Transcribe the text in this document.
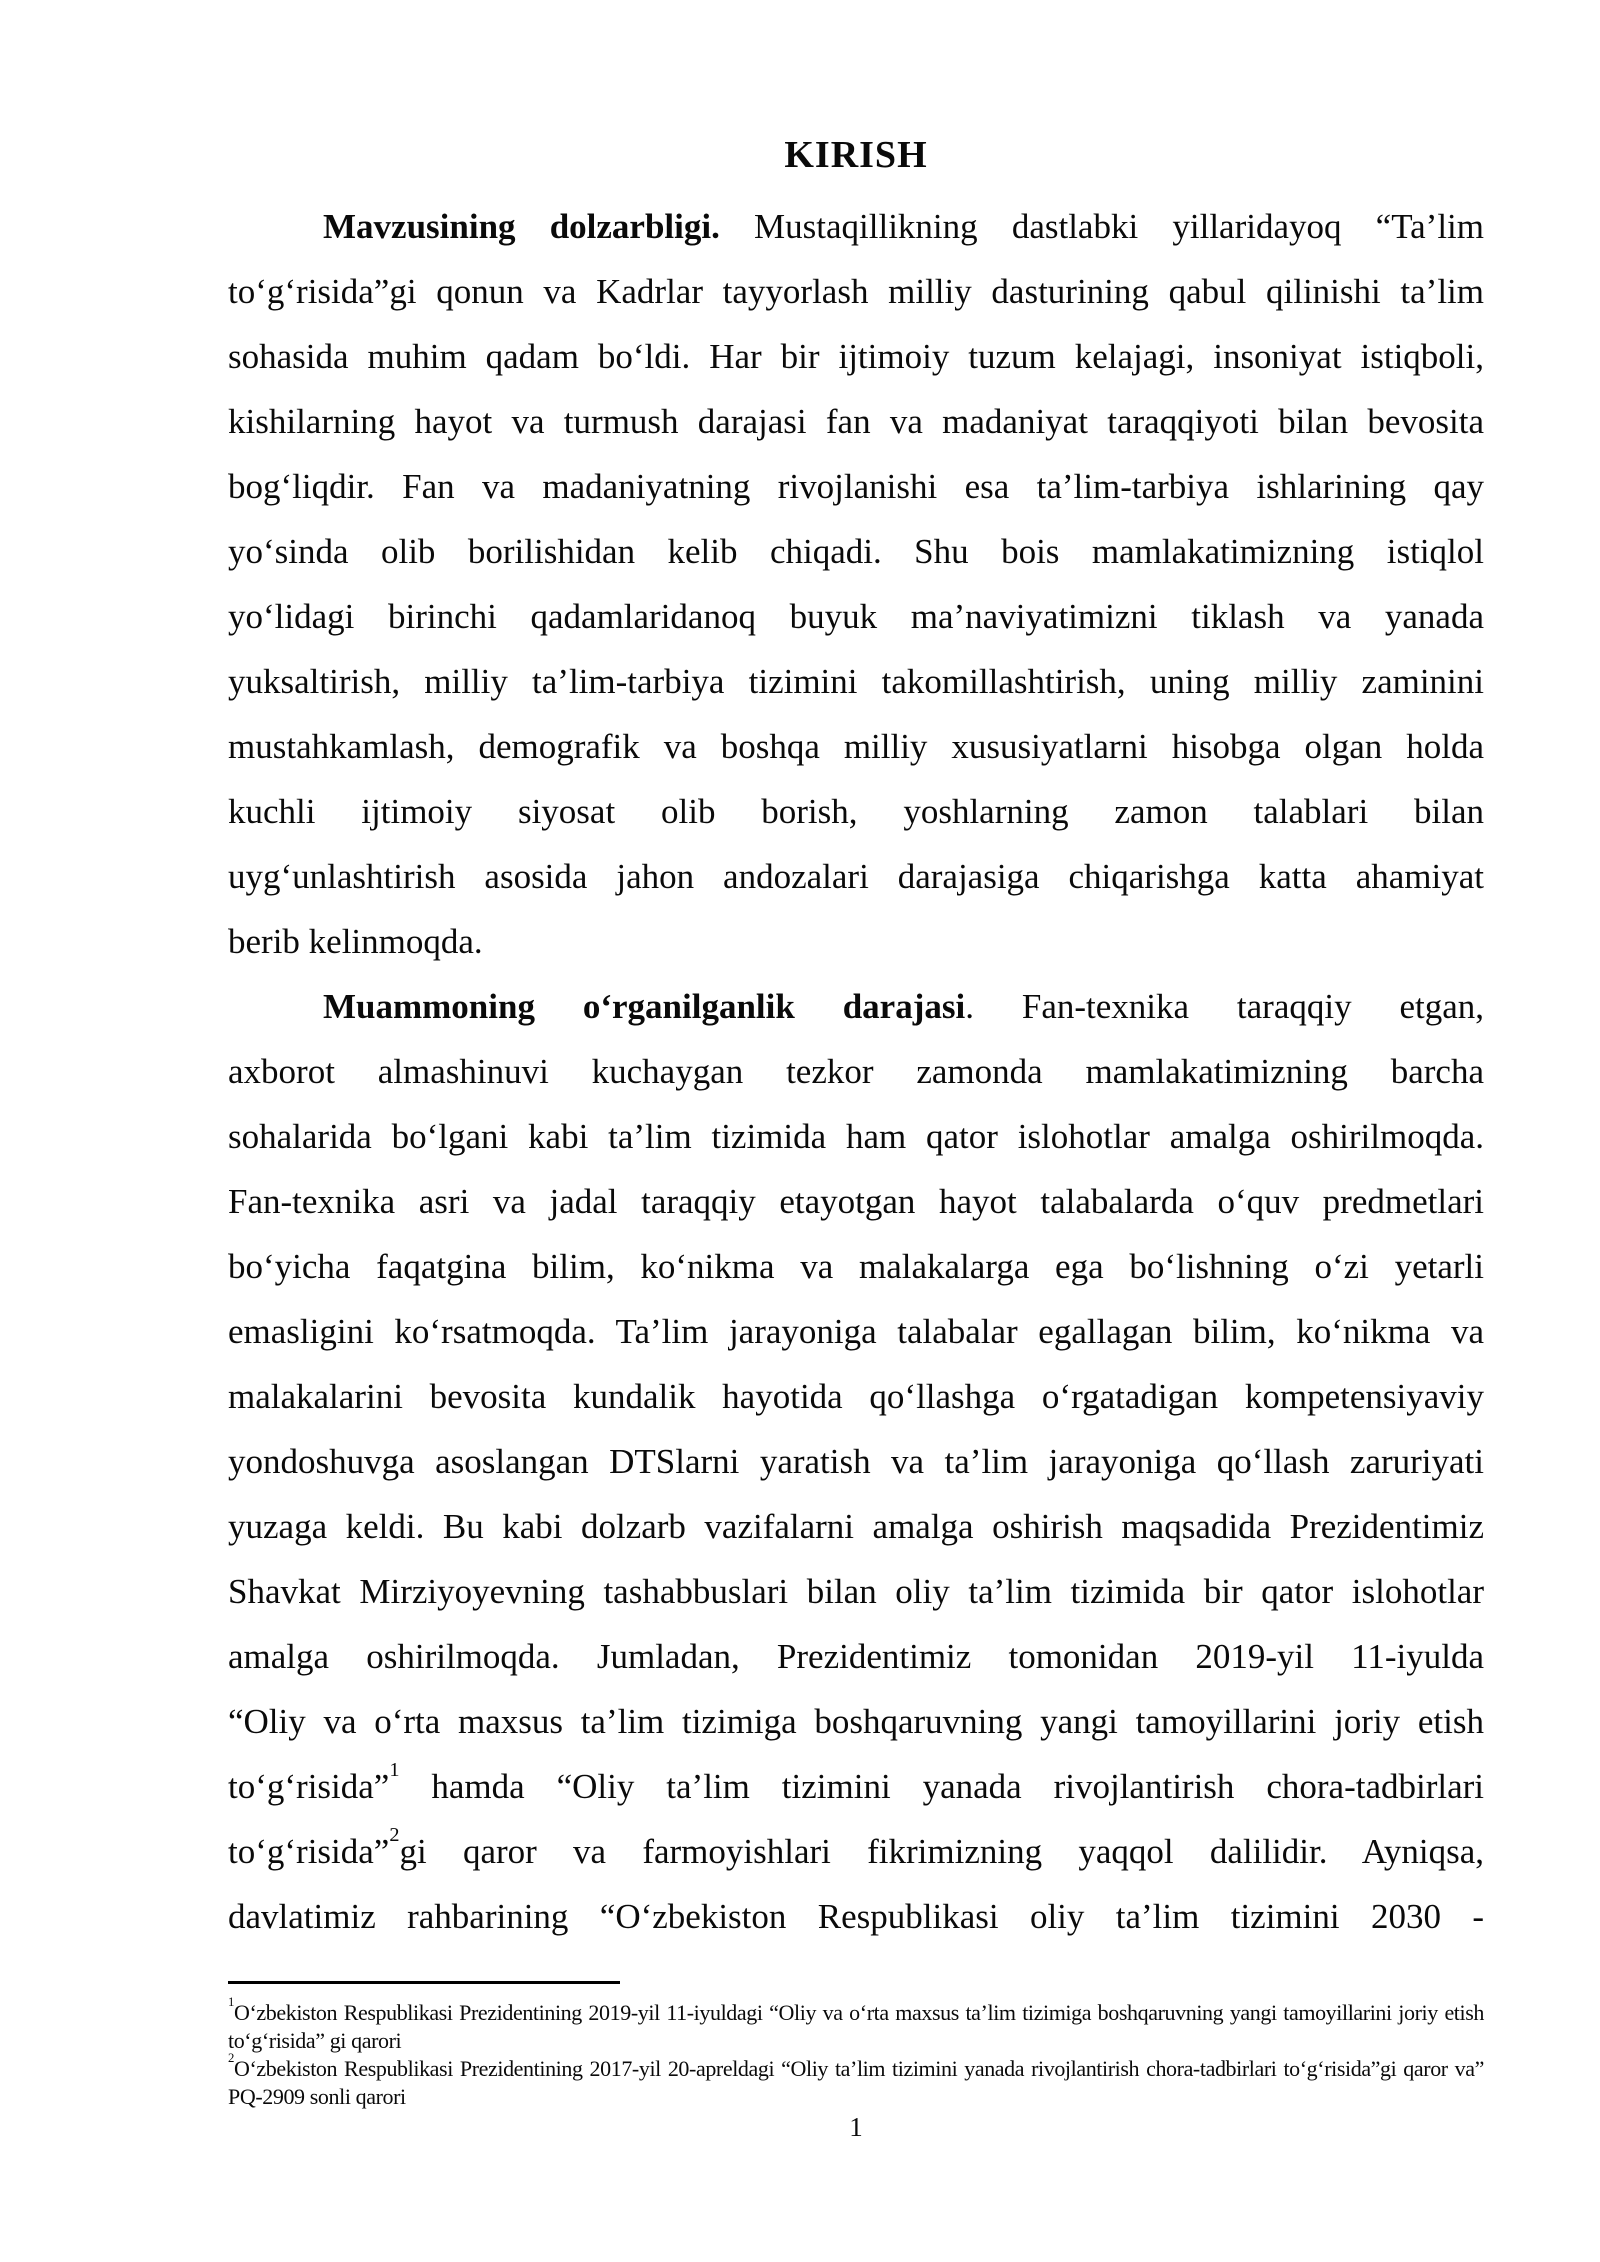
KIRISH
Mavzusining dolzarbligi. Mustaqillikning dastlabki yillaridayoq “Ta’lim
to‘g‘risida”gi qonun va Kadrlar tayyorlash milliy dasturining qabul qilinishi ta’lim
sohasida muhim qadam bo‘ldi. Har bir ijtimoiy tuzum kelajagi, insoniyat istiqboli,
kishilarning hayot va turmush darajasi fan va madaniyat taraqqiyoti bilan bevosita
bog‘liqdir. Fan va madaniyatning rivojlanishi esa ta’lim-tarbiya ishlarining qay
yo‘sinda olib borilishidan kelib chiqadi. Shu bois mamlakatimizning istiqlol
yo‘lidagi birinchi qadamlaridanoq buyuk ma’naviyatimizni tiklash va yanada
yuksaltirish, milliy ta’lim-tarbiya tizimini takomillashtirish, uning milliy zaminini
mustahkamlash, demografik va boshqa milliy xususiyatlarni hisobga olgan holda
kuchli ijtimoiy siyosat olib borish, yoshlarning zamon talablari bilan
uyg‘unlashtirish asosida jahon andozalari darajasiga chiqarishga katta ahamiyat
berib kelinmoqda.
Muammoning o‘rganilganlik darajasi. Fan-texnika taraqqiy etgan,
axborot almashinuvi kuchaygan tezkor zamonda mamlakatimizning barcha
sohalarida bo‘lgani kabi ta’lim tizimida ham qator islohotlar amalga oshirilmoqda.
Fan-texnika asri va jadal taraqqiy etayotgan hayot talabalarda o‘quv predmetlari
bo‘yicha faqatgina bilim, ko‘nikma va malakalarga ega bo‘lishning o‘zi yetarli
emasligini ko‘rsatmoqda. Ta’lim jarayoniga talabalar egallagan bilim, ko‘nikma va
malakalarini bevosita kundalik hayotida qo‘llashga o‘rgatadigan kompetensiyaviy
yondoshuvga asoslangan DTSlarni yaratish va ta’lim jarayoniga qo‘llash zaruriyati
yuzaga keldi. Bu kabi dolzarb vazifalarni amalga oshirish maqsadida Prezidentimiz
Shavkat Mirziyoyevning tashabbuslari bilan oliy ta’lim tizimida bir qator islohotlar
amalga oshirilmoqda. Jumladan, Prezidentimiz tomonidan 2019-yil 11-iyulda
“Oliy va o‘rta maxsus ta’lim tizimiga boshqaruvning yangi tamoyillarini joriy etish
to‘g‘risida”$^1$ hamda “Oliy ta’lim tizimini yanada rivojlantirish chora-tadbirlari
to‘g‘risida”$^2$gi qaror va farmoyishlari fikrimizning yaqqol dalilidir. Ayniqsa,
davlatimiz rahbarining “O‘zbekiston Respublikasi oliy ta’lim tizimini 2030 -
$^1$O‘zbekiston Respublikasi Prezidentining 2019-yil 11-iyuldagi “Oliy va o‘rta maxsus ta’lim tizimiga boshqaruvning yangi tamoyillarini joriy etish
to‘g‘risida” gi qarori
$^2$O‘zbekiston Respublikasi Prezidentining 2017-yil 20-apreldagi “Oliy ta’lim tizimini yanada rivojlantirish chora-tadbirlari to‘g‘risida”gi qaror va”
PQ-2909 sonli qarori
1
